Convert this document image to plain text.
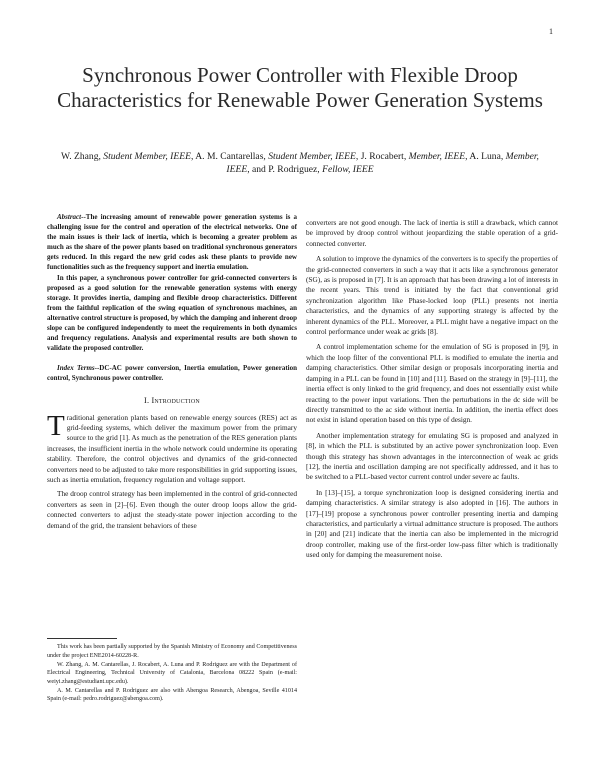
1
Synchronous Power Controller with Flexible Droop Characteristics for Renewable Power Generation Systems
W. Zhang, Student Member, IEEE, A. M. Cantarellas, Student Member, IEEE, J. Rocabert, Member, IEEE, A. Luna, Member, IEEE, and P. Rodriguez, Fellow, IEEE

Abstract--The increasing amount of renewable power generation systems is a challenging issue for the control and operation of the electrical networks. One of the main issues is their lack of inertia, which is becoming a greater problem as much as the share of the power plants based on traditional synchronous generators gets reduced. In this regard the new grid codes ask these plants to provide new functionalities such as the frequency support and inertia emulation.

In this paper, a synchronous power controller for grid-connected converters is proposed as a good solution for the renewable generation systems with energy storage. It provides inertia, damping and flexible droop characteristics. Different from the faithful replication of the swing equation of synchronous machines, an alternative control structure is proposed, by which the damping and inherent droop slope can be configured independently to meet the requirements in both dynamics and frequency regulations. Analysis and experimental results are both shown to validate the proposed controller.

Index Terms--DC-AC power conversion, Inertia emulation, Power generation control, Synchronous power controller.

I. Introduction

Traditional generation plants based on renewable energy sources (RES) act as grid-feeding systems, which deliver the maximum power from the primary source to the grid [1]. As much as the penetration of the RES generation plants increases, the insufficient inertia in the whole network could undermine its operating stability. Therefore, the control objectives and dynamics of the grid-connected converters need to be adjusted to take more responsibilities in grid supporting issues, such as inertia emulation, frequency regulation and voltage support.

The droop control strategy has been implemented in the control of grid-connected converters as seen in [2]–[6]. Even though the outer droop loops allow the grid-connected converters to adjust the steady-state power injection according to the demand of the grid, the transient behaviors of these

This work has been partially supported by the Spanish Ministry of Economy and Competitiveness under the project ENE2014-60228-R.

W. Zhang, A. M. Cantarellas, J. Rocabert, A. Luna and P. Rodriguez are with the Department of Electrical Engineering, Technical University of Catalonia, Barcelona 08222 Spain (e-mail: weiyi.zhang@estudiant.upc.edu).

A. M. Cantarellas and P. Rodriguez are also with Abengoa Research, Abengoa, Seville 41014 Spain (e-mail: pedro.rodriguez@abengoa.com).

converters are not good enough. The lack of inertia is still a drawback, which cannot be improved by droop control without jeopardizing the stable operation of a grid-connected converter.

A solution to improve the dynamics of the converters is to specify the properties of the grid-connected converters in such a way that it acts like a synchronous generator (SG), as is proposed in [7]. It is an approach that has been drawing a lot of interests in the recent years. This trend is initiated by the fact that conventional grid synchronization algorithm like Phase-locked loop (PLL) presents not inertia characteristics, and the dynamics of any supporting strategy is affected by the inherent dynamics of the PLL. Moreover, a PLL might have a negative impact on the control performance under weak ac grids [8].

A control implementation scheme for the emulation of SG is proposed in [9], in which the loop filter of the conventional PLL is modified to emulate the inertia and damping characteristics. Other similar design or proposals incorporating inertia and damping in a PLL can be found in [10] and [11]. Based on the strategy in [9]–[11], the inertia effect is only linked to the grid frequency, and does not essentially exist while reacting to the power input variations. Then the perturbations in the dc side will be directly transmitted to the ac side without inertia. In addition, the inertia effect does not exist in island operation based on this type of design.

Another implementation strategy for emulating SG is proposed and analyzed in [8], in which the PLL is substituted by an active power synchronization loop. Even though this strategy has shown advantages in the interconnection of weak ac grids [12], the inertia and oscillation damping are not specifically addressed, and it has to be switched to a PLL-based vector current control under severe ac faults.

In [13]–[15], a torque synchronization loop is designed considering inertia and damping characteristics. A similar strategy is also adopted in [16]. The authors in [17]–[19] propose a synchronous power controller presenting inertia and damping characteristics, and particularly a virtual admittance structure is proposed. The authors in [20] and [21] indicate that the inertia can also be implemented in the microgrid droop controller, making use of the first-order low-pass filter which is traditionally used only for damping the measurement noise.
